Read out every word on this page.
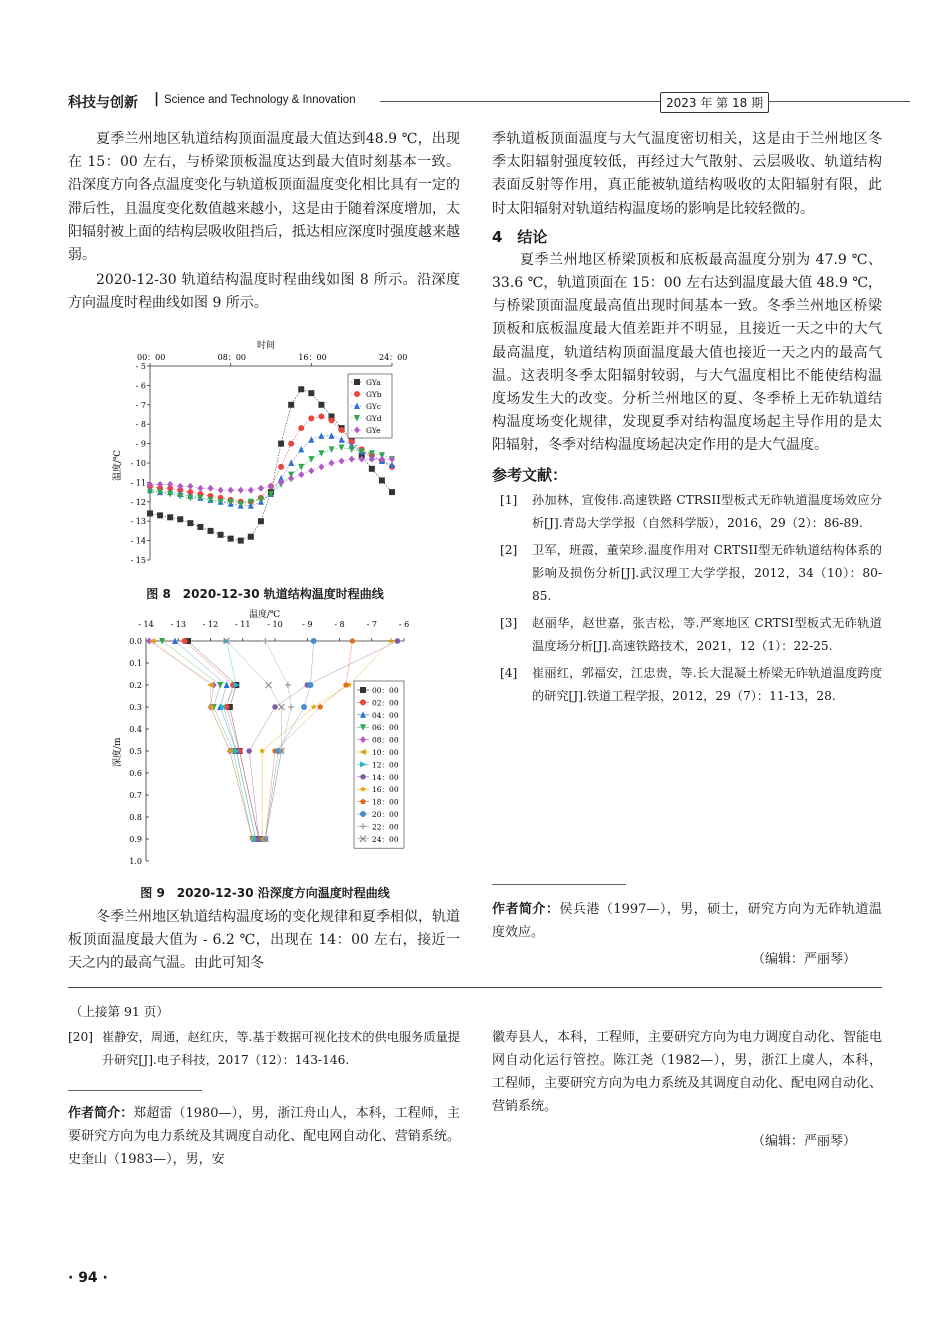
科技与创新 | Science and Technology & Innovation	2023 年 第 18 期

夏季兰州地区轨道结构顶面温度最大值达到48.9 ℃，出现在 15：00 左右，与桥梁顶板温度达到最大值时刻基本一致。沿深度方向各点温度变化与轨道板顶面温度变化相比具有一定的滞后性，且温度变化数值越来越小，这是由于随着深度增加，太阳辐射被上面的结构层吸收阻挡后，抵达相应深度时强度越来越弱。

2020-12-30 轨道结构温度时程曲线如图 8 所示。沿深度方向温度时程曲线如图 9 所示。

时间
00：00	08：00	16：00	24：00
- 5
- 6
- 7
- 8
- 9
- 10
- 11
- 12
- 13
- 14
- 15
温度/℃
GYa
GYb
GYc
GYd
GYe
图 8　2020-12-30 轨道结构温度时程曲线
温度/℃
- 14 - 13 - 12 - 11 - 10 - 9	- 8	- 7	- 6
0.0
0.1
0.2
0.3
0.4
0.5
0.6
0.7
0.8
0.9
1.0
深度/m
00：00
02：00
04：00
06：00
08：00
10：00
12：00
14：00
16：00
18：00
20：00
22：00
24：00
图 9　2020-12-30 沿深度方向温度时程曲线

冬季兰州地区轨道结构温度场的变化规律和夏季相似，轨道板顶面温度最大值为 - 6.2 ℃，出现在 14：00 左右，接近一天之内的最高气温。由此可知冬

季轨道板顶面温度与大气温度密切相关，这是由于兰州地区冬季太阳辐射强度较低，再经过大气散射、云层吸收、轨道结构表面反射等作用，真正能被轨道结构吸收的太阳辐射有限，此时太阳辐射对轨道结构温度场的影响是比较轻微的。

4　结论

夏季兰州地区桥梁顶板和底板最高温度分别为 47.9 ℃、33.6 ℃，轨道顶面在 15：00 左右达到温度最大值 48.9 ℃，与桥梁顶面温度最高值出现时间基本一致。冬季兰州地区桥梁顶板和底板温度最大值差距并不明显，且接近一天之中的大气最高温度，轨道结构顶面温度最大值也接近一天之内的最高气温。这表明冬季太阳辐射较弱，与大气温度相比不能使结构温度场发生大的改变。分析兰州地区的夏、冬季桥上无砟轨道结构温度场变化规律，发现夏季对结构温度场起主导作用的是太阳辐射，冬季对结构温度场起决定作用的是大气温度。

参考文献：
[1]	孙加林，宣俊伟.高速铁路 CTRSII型板式无砟轨道温度场效应分析[J].青岛大学学报（自然科学版），2016，29（2）：86-89.
[2]	卫军，班霞，董荣珍.温度作用对 CRTSII型无砟轨道结构体系的影响及损伤分析[J].武汉理工大学学报，2012，34（10）：80-85.
[3]	赵丽华，赵世嘉，张吉松，等.严寒地区 CRTSI型板式无砟轨道温度场分析[J].高速铁路技术，2021，12（1）：22-25.
[4]	崔丽红，郭福安，江忠贵，等.长大混凝土桥梁无砟轨道温度跨度的研究[J].铁道工程学报，2012，29（7）：11-13，28.
作者简介：侯兵港（1997—），男，硕士，研究方向为无砟轨道温度效应。
（编辑：严丽琴）
（上接第 91 页）
[20] 崔静安，周通，赵红庆，等.基于数据可视化技术的供电服务质量提升研究[J].电子科技，2017（12）：143-146.
作者简介：郑超雷（1980—），男，浙江舟山人，本科，工程师，主要研究方向为电力系统及其调度自动化、配电网自动化、营销系统。史奎山（1983—），男，安
徽寿县人，本科，工程师，主要研究方向为电力调度自动化、智能电网自动化运行管控。陈江尧（1982—），男，浙江上虞人，本科，工程师，主要研究方向为电力系统及其调度自动化、配电网自动化、营销系统。
（编辑：严丽琴）
· 94 ·
